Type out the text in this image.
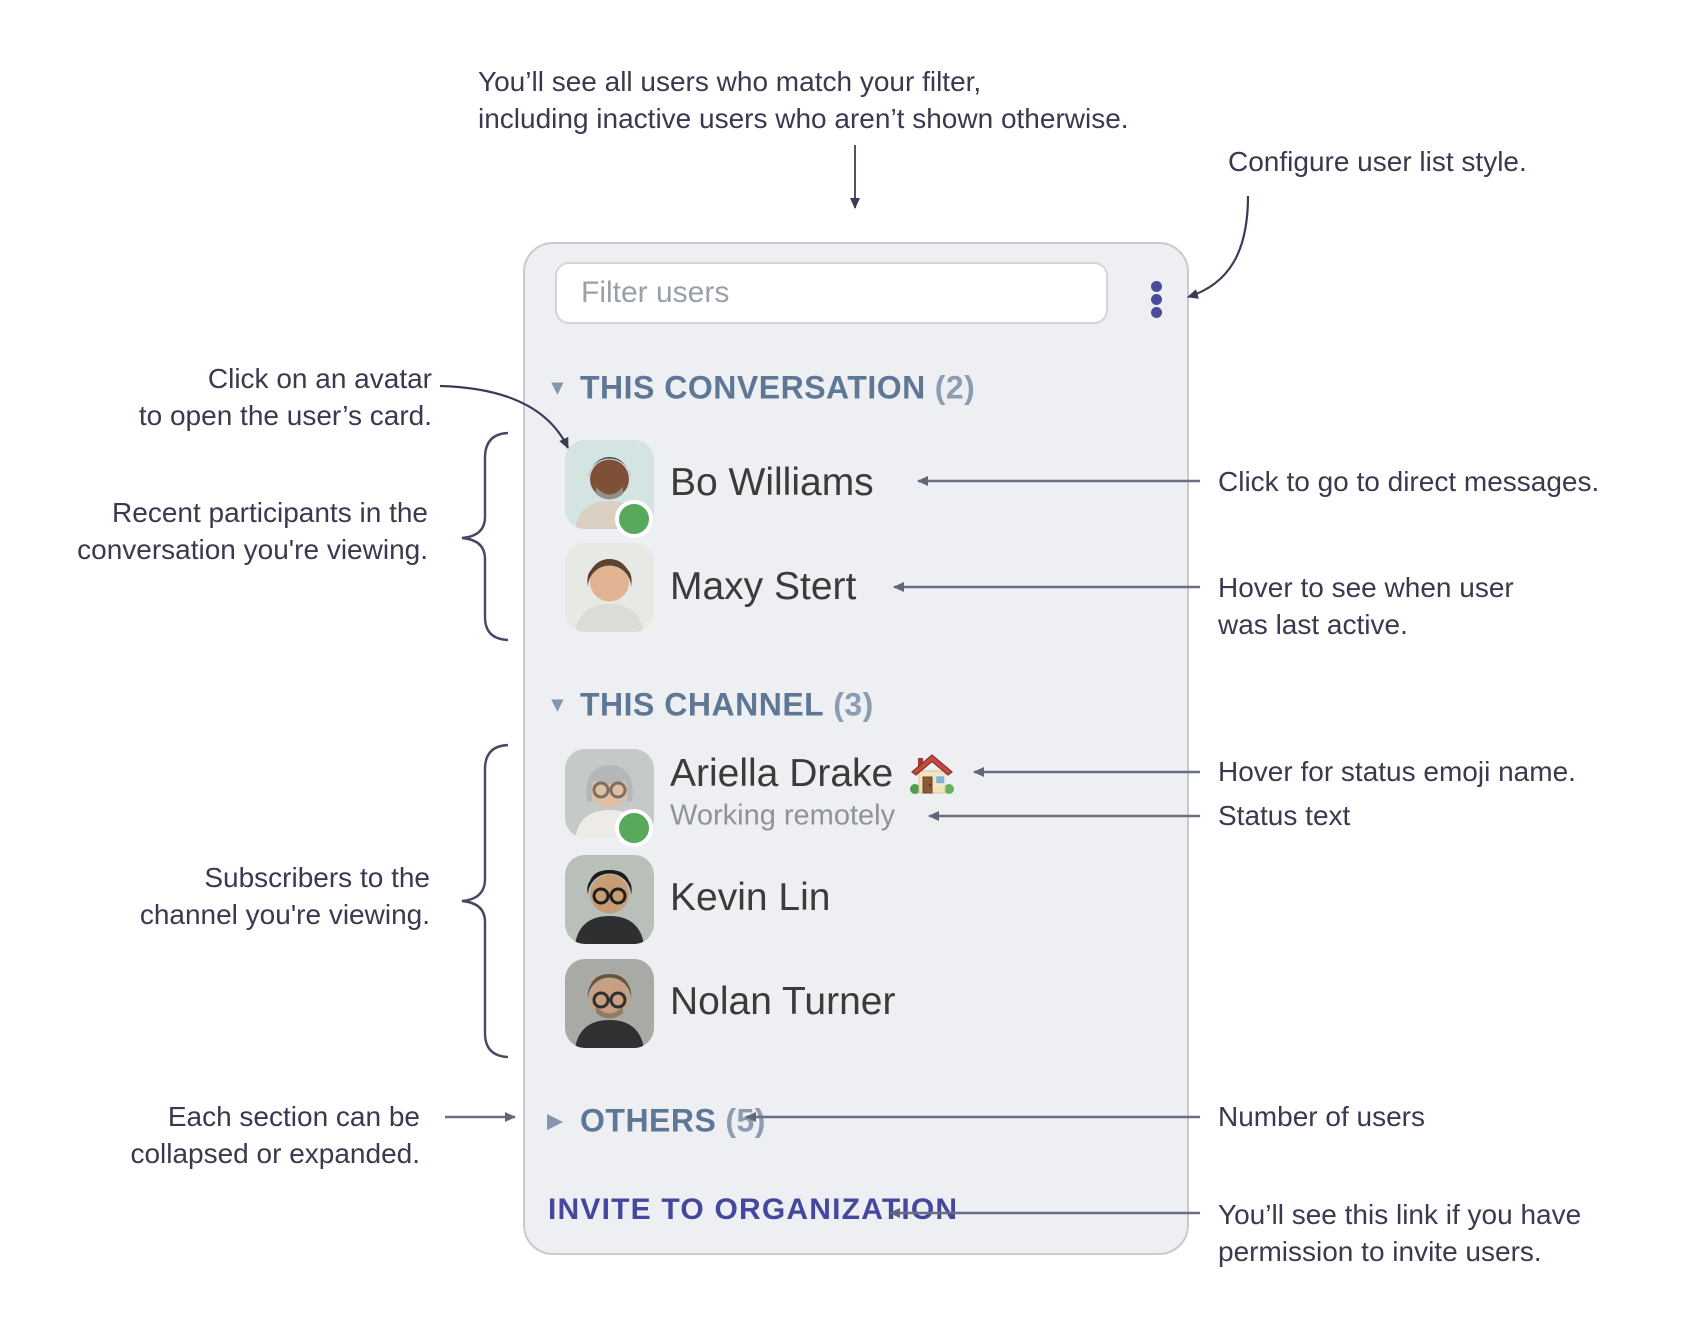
You’ll see all users who match your filter,
including inactive users who aren’t shown otherwise.
Configure user list style.
Click on an avatar
to open the user’s card.
Recent participants in the
conversation you're viewing.
Subscribers to the
channel you're viewing.
Each section can be
collapsed or expanded.
Click to go to direct messages.
Hover to see when user
was last active.
Hover for status emoji name.
Status text
Number of users
You’ll see this link if you have
permission to invite users.
Filter users
▼ THIS CONVERSATION (2)
Bo Williams
Maxy Stert
▼ THIS CHANNEL (3)
Ariella Drake
Working remotely
Kevin Lin
Nolan Turner
▶ OTHERS (5)
INVITE TO ORGANIZATION
